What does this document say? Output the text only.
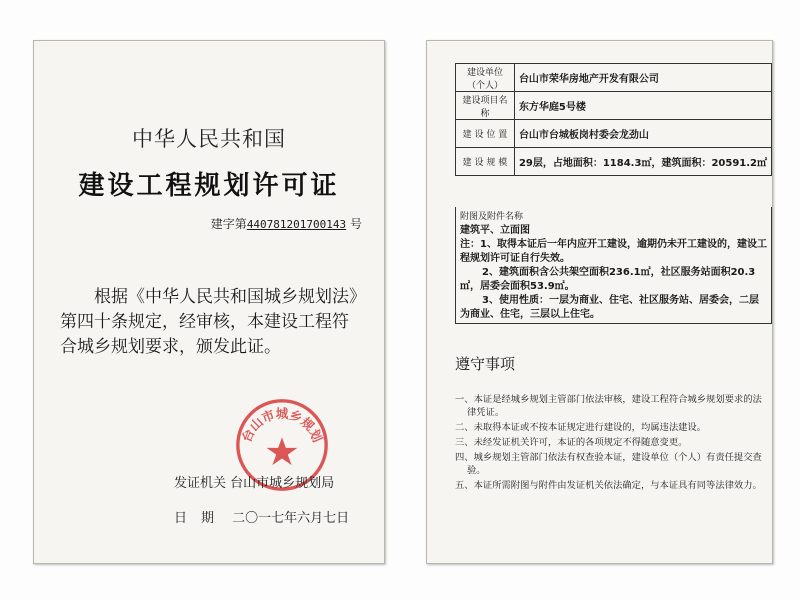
中华人民共和国
建设工程规划许可证
建字第440781201700143 号
根据《中华人民共和国城乡规划法》第四十条规定，经审核，本建设工程符合城乡规划要求，颁发此证。
台山市城乡规划
发证机关 台山市城乡规划局
日期 二〇一七年六月七日
建设单位（个人）	台山市荣华房地产开发有限公司
建设项目名称	东方华庭5号楼
建 设 位 置	台山市台城板岗村委会龙劲山
建 设 规 模	29层，占地面积：1184.3㎡，建筑面积：20591.2㎡

附图及附件名称

建筑平、立面图

注：1、取得本证后一年内应开工建设，逾期仍未开工建设的，建设工程规划许可证自行失效。

2、建筑面积含公共架空面积236.1㎡，社区服务站面积20.3㎡，居委会面积53.9㎡。

3、使用性质：一层为商业、住宅、社区服务站、居委会，二层为商业、住宅，三层以上住宅。

遵守事项

一、本证是经城乡规划主管部门依法审核，建设工程符合城乡规划要求的法律凭证。

二、未取得本证或不按本证规定进行建设的，均属违法建设。

三、未经发证机关许可，本证的各项规定不得随意变更。

四、城乡规划主管部门依法有权查验本证，建设单位（个人）有责任提交查验。

五、本证所需附图与附件由发证机关依法确定，与本证具有同等法律效力。
